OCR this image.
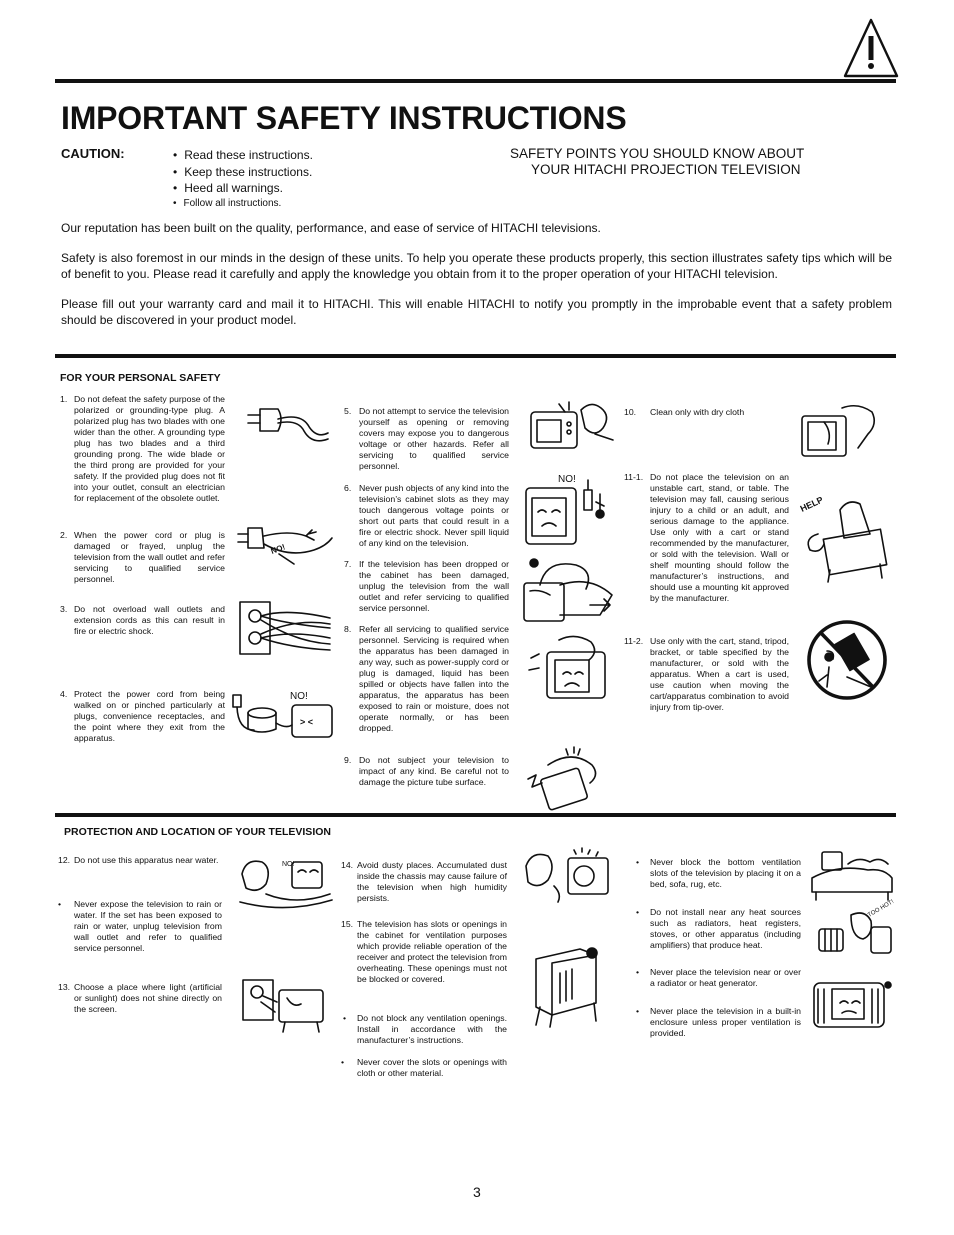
IMPORTANT SAFETY INSTRUCTIONS
CAUTION:
•	Read these instructions.
• Keep these instructions.
• Heed all warnings.
• Follow all instructions.
SAFETY POINTS YOU SHOULD KNOW ABOUT
YOUR HITACHI PROJECTION TELEVISION

Our reputation has been built on the quality, performance, and ease of service of HITACHI televisions.

Safety is also foremost in our minds in the design of these units. To help you operate these products properly, this section illustrates safety tips which will be of benefit to you. Please read it carefully and apply the knowledge you obtain from it to the proper operation of your HITACHI television.

Please fill out your warranty card and mail it to HITACHI. This will enable HITACHI to notify you promptly in the improbable event that a safety problem should be discovered in your product model.

FOR YOUR PERSONAL SAFETY
1. Do not defeat the safety purpose of the polarized or grounding-type plug. A polarized plug has two blades with one wider than the other. A grounding type plug has two blades and a third grounding prong. The wide blade or the third prong are provided for your safety. If the provided plug does not fit into your outlet, consult an electrician for replacement of the obsolete outlet.
2. When the power cord or plug is damaged or frayed, unplug the television from the wall outlet and refer servicing to qualified service personnel.
3. Do not overload wall outlets and extension cords as this can result in fire or electric shock.
4. Protect the power cord from being walked on or pinched particularly at plugs, convenience receptacles, and the point where they exit from the apparatus.
5. Do not attempt to service the television yourself as opening or removing covers may expose you to dangerous voltage or other hazards. Refer all servicing to qualified service personnel.
6. Never push objects of any kind into the television’s cabinet slots as they may touch dangerous voltage points or short out parts that could result in a fire or electric shock. Never spill liquid of any kind on the television.
7. If the television has been dropped or the cabinet has been damaged, unplug the television from the wall outlet and refer servicing to qualified service personnel.
8. Refer all servicing to qualified service personnel. Servicing is required when the apparatus has been damaged in any way, such as power-supply cord or plug is damaged, liquid has been spilled or objects have fallen into the apparatus, the apparatus has been exposed to rain or moisture, does not operate normally, or has been dropped.
9. Do not subject your television to impact of any kind. Be careful not to damage the picture tube surface.
10.	Clean only with dry cloth
11-1. Do not place the television on an unstable cart, stand, or table. The television may fall, causing serious injury to a child or an adult, and serious damage to the appliance. Use only with a cart or stand recommended by the manufacturer, or sold with the television. Wall or shelf mounting should follow the manufacturer’s instructions, and should use a mounting kit approved by the manufacturer.
11-2. Use only with the cart, stand, tripod, bracket, or table specified by the manufacturer, or sold with the apparatus. When a cart is used, use caution when moving the cart/apparatus combination to avoid injury from tip-over.
NO!
> <
NO!
NO!
HELP
PROTECTION AND LOCATION OF YOUR TELEVISION
12. Do not use this apparatus near water.
•	Never expose the television to rain or water. If the set has been exposed to rain or water, unplug television from wall outlet and refer to qualified service personnel.
13. Choose a place where light (artificial or sunlight) does not shine directly on the screen.
14. Avoid dusty places. Accumulated dust inside the chassis may cause failure of the television when high humidity persists.
15. The television has slots or openings in the cabinet for ventilation purposes which provide reliable operation of the receiver and protect the television from overheating. These openings must not be blocked or covered.
•	Do not block any ventilation openings. Install in accordance with the manufacturer’s instructions.
•	Never cover the slots or openings with cloth or other material.
•	Never block the bottom ventilation slots of the television by placing it on a bed, sofa, rug, etc.
•	Do not install near any heat sources such as radiators, heat registers, stoves, or other apparatus (including amplifiers) that produce heat.
•	Never place the television near or over a radiator or heat generator.
•	Never place the television in a built-in enclosure unless proper ventilation is provided.
NO!
TOO HOT!
3
